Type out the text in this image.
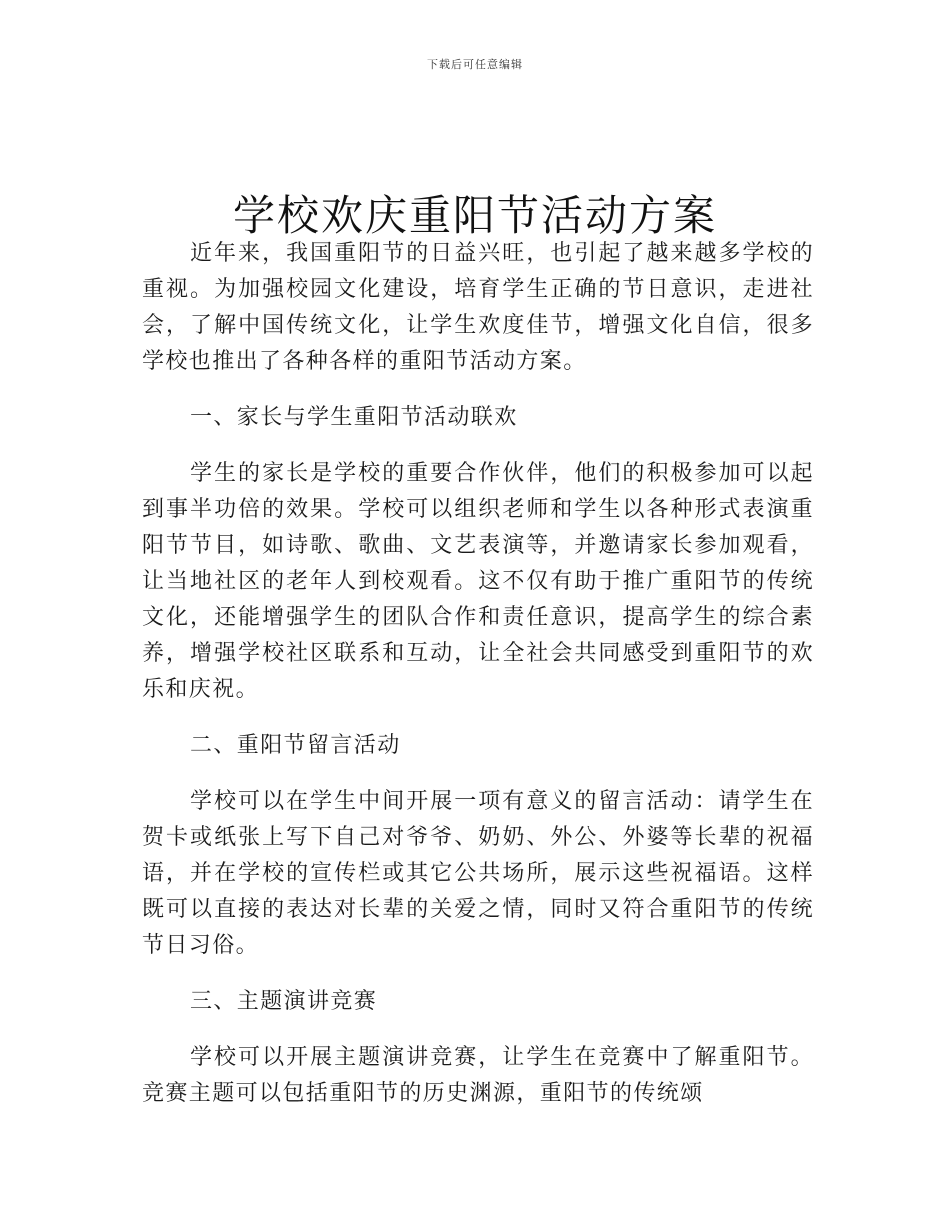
下载后可任意编辑
学校欢庆重阳节活动方案

近年来，我国重阳节的日益兴旺，也引起了越来越多学校的重视。为加强校园文化建设，培育学生正确的节日意识，走进社会，了解中国传统文化，让学生欢度佳节，增强文化自信，很多学校也推出了各种各样的重阳节活动方案。

一、家长与学生重阳节活动联欢

学生的家长是学校的重要合作伙伴，他们的积极参加可以起到事半功倍的效果。学校可以组织老师和学生以各种形式表演重阳节节目，如诗歌、歌曲、文艺表演等，并邀请家长参加观看，让当地社区的老年人到校观看。这不仅有助于推广重阳节的传统文化，还能增强学生的团队合作和责任意识，提高学生的综合素养，增强学校社区联系和互动，让全社会共同感受到重阳节的欢乐和庆祝。

二、重阳节留言活动

学校可以在学生中间开展一项有意义的留言活动：请学生在贺卡或纸张上写下自己对爷爷、奶奶、外公、外婆等长辈的祝福语，并在学校的宣传栏或其它公共场所，展示这些祝福语。这样既可以直接的表达对长辈的关爱之情，同时又符合重阳节的传统节日习俗。

三、主题演讲竞赛

学校可以开展主题演讲竞赛，让学生在竞赛中了解重阳节。竞赛主题可以包括重阳节的历史渊源，重阳节的传统颂
